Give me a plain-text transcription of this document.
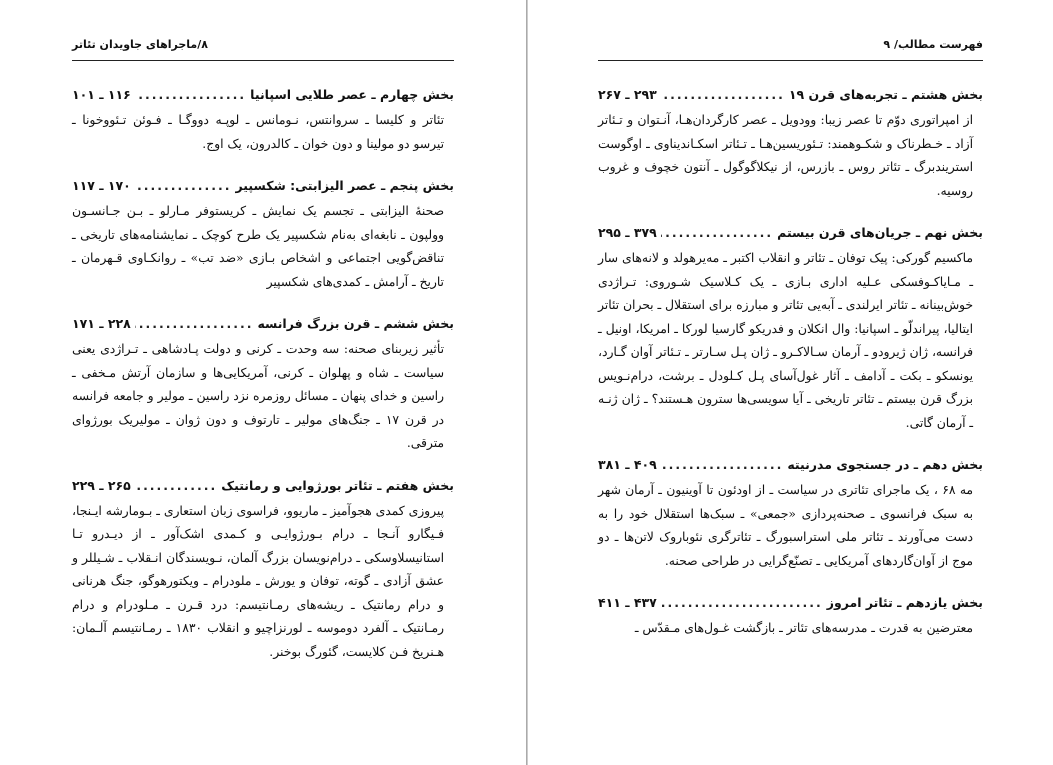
۸/ماجراهای جاویدان تئاتر
بخش چهارم ـ عصر طلایی اسپانیا
.....
۱۱۶ ـ ۱۰۱

تئاتر و کلیسا ـ سروانتس، نـومانس ـ لوپـه دووگـا ـ فـوئن تـئووخونا ـ تیرسو دو مولینا و دون خوان ـ کالدرون، یک اوج.

بخش پنجم ـ عصر الیزابتی: شکسپیر
.....
۱۷۰ ـ ۱۱۷

صحنهٔ الیزابتی ـ تجسم یک نمایش ـ کریستوفر مـارلو ـ بـن جـانسـون وولپون ـ نابغه‌ای به‌نام شکسپیر یک طرح کوچک ـ نمایشنامه‌های تاریخی ـ تناقض‌گویی اجتماعی و اشخاص بـازی «ضد تب» ـ روانکـاوی قـهرمان ـ تاریخ ـ آرامش ـ کمدی‌های شکسپیر

بخش ششم ـ قرن بزرگ فرانسه
.....
۲۲۸ ـ ۱۷۱

تأثیر زیربنای صحنه: سه وحدت ـ کرنی و دولت پـادشاهی ـ تـراژدی یعنی سیاست ـ شاه و پهلوان ـ کرنی، آمریکایی‌ها و سازمان آرتش مـخفی ـ راسین و خدای پنهان ـ مسائل روزمره نزد راسین ـ مولیر و جامعه فرانسه در قرن ۱۷ ـ جنگ‌های مولیر ـ تارتوف و دون ژوان ـ مولیریک بورژوای مترقی.

بخش هفتم ـ تئاتر بورژوایی و رمانتیک
.....
۲۶۵ ـ ۲۲۹

پیروزی کمدی هجوآمیز ـ ماریوو، فراسوی زبان استعاری ـ بـومارشه ایـنجا، فـیگارو آنـجا ـ درام بـورژوایـی و کـمدی اشک‌آور ـ از دیـدرو تـا استانیسلاوسکی ـ درام‌نویسان بزرگ آلمان، نـویسندگان انـقلاب ـ شـیللر و عشق آزادی ـ گوته، توفان و یورش ـ ملودرام ـ ویکتورهوگو، جنگ هرنانی و درام رمانتیک ـ ریشه‌های رمـانتیسم: درد قـرن ـ مـلودرام و درام رمـانتیک ـ آلفرد دوموسه ـ لورنزاچیو و انقلاب ۱۸۳۰ ـ رمـانتیسم آلـمان: هـنریخ فـن کلایست، گئورگ بوخنر.

فهرست مطالب/ ۹
بخش هشتم ـ تجربه‌های قرن ۱۹
.....
۲۹۳ ـ ۲۶۷

از امپراتوری دوّم تا عصر زیبا: وودویل ـ عصر کارگردان‌هـا، آنـتوان و تـئاتر آزاد ـ خـطرناک و شکـوهمند: تـئوریسین‌هـا ـ تـئاتر اسکـاندیناوی ـ اوگوست استریندبرگ ـ تئاتر روس ـ بازرس، از نیکلاگوگول ـ آنتون خچوف و غروب روسیه.

بخش نهم ـ جریان‌های قرن بیستم
.....
۳۷۹ ـ ۲۹۵

ماکسیم گورکی: پیک توفان ـ تئاتر و انقلاب اکتبر ـ مه‌یرهولد و لانه‌های سار ـ مـایاکـوفسکی عـلیه اداری بـازی ـ یک کـلاسیک شـوروی: تـراژدی خوش‌بینانه ـ تئاتر ایرلندی ـ آبه‌یی تئاتر و مبارزه برای استقلال ـ بحران تئاتر ایتالیا، پیراندلّو ـ اسپانیا: وال انکلان و فدریکو گارسیا لورکا ـ امریکا، اونیل ـ فرانسه، ژان ژیرودو ـ آرمان سـالاکـرو ـ ژان پـل سـارتر ـ تـئاتر آوان گـارد، یونسکو ـ بکت ـ آدامف ـ آثار غول‌آسای پـل کـلودل ـ برشت، درام‌نـویس بزرگ قرن بیستم ـ تئاتر تاریخی ـ آیا سویسی‌ها سترون هـستند؟ ـ ژان ژنـه ـ آرمان گاتی.

بخش دهم ـ در جستجوی مدرنیته
.....
۴۰۹ ـ ۳۸۱

مه ۶۸ ، یک ماجرای تئاتری در سیاست ـ از اودئون تا آوینیون ـ آرمان شهر به سبک فرانسوی ـ صحنه‌پردازی «جمعی» ـ سبک‌ها استقلال خود را به دست می‌آورند ـ تئاتر ملی استراسبورگ ـ تئاترگری نئوباروک لاتن‌ها ـ دو موج از آوان‌گاردهای آمریکایی ـ تصنّع‌گرایی در طراحی صحنه.

بخش یازدهم ـ تئاتر امروز
.....
۴۳۷ ـ ۴۱۱

معترضین به قدرت ـ مدرسه‌های تئاتر ـ بازگشت غـول‌های مـقدّس ـ
